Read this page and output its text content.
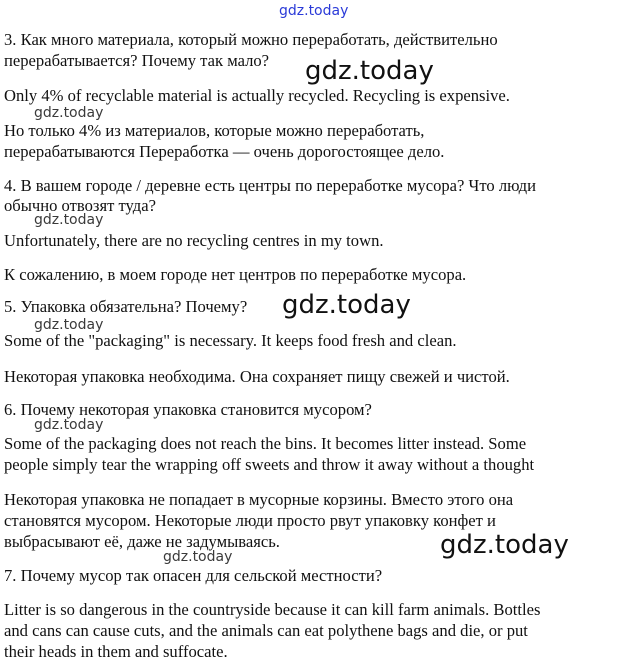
gdz.today
gdz.today
gdz.today
gdz.today
gdz.today
gdz.today
gdz.today
gdz.today
gdz.today
3. Как много материала, который можно переработать, действительно
перерабатывается? Почему так мало?
Only 4% of recyclable material is actually recycled. Recycling is expensive.
Но только 4% из материалов, которые можно переработать,
перерабатываются Переработка — очень дорогостоящее дело.
4. В вашем городе / деревне есть центры по переработке мусора? Что люди
обычно отвозят туда?
Unfortunately, there are no recycling centres in my town.
К сожалению, в моем городе нет центров по переработке мусора.
5. Упаковка обязательна? Почему?
Some of the "packaging" is necessary. It keeps food fresh and clean.
Некоторая упаковка необходима. Она сохраняет пищу свежей и чистой.
6. Почему некоторая упаковка становится мусором?
Some of the packaging does not reach the bins. It becomes litter instead. Some
people simply tear the wrapping off sweets and throw it away without a thought
Некоторая упаковка не попадает в мусорные корзины. Вместо этого она
становятся мусором. Некоторые люди просто рвут упаковку конфет и
выбрасывают её, даже не задумываясь.
7. Почему мусор так опасен для сельской местности?
Litter is so dangerous in the countryside because it can kill farm animals. Bottles
and cans can cause cuts, and the animals can eat polythene bags and die, or put
their heads in them and suffocate.
